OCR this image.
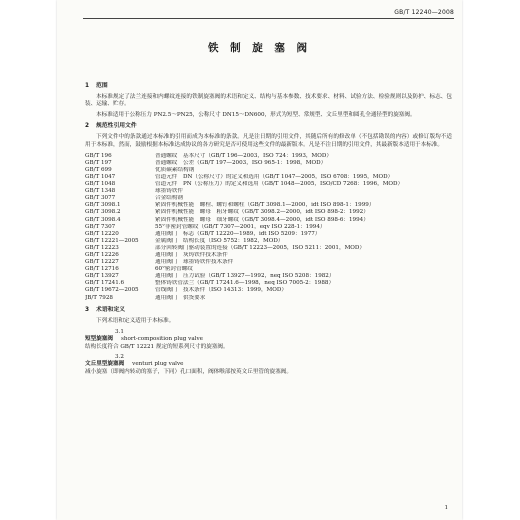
GB/T 12240—2008
铁 制 旋 塞 阀
1 范围

本标准规定了法兰连接和内螺纹连接的铁制旋塞阀的术语和定义、结构与基本参数、技术要求、材料、试验方法、检验规则以及防护、标志、包装、运输、贮存。

本标准适用于公称压力 PN2.5～PN25，公称尺寸 DN15～DN600，形式为短型、常规型、文丘里型和圆孔全通径型的旋塞阀。

2 规范性引用文件

下列文件中的条款通过本标准的引用而成为本标准的条款。凡是注日期的引用文件，其随后所有的修改单（不包括勘误的内容）或修订版均不适用于本标准，然而，鼓励根据本标准达成协议的各方研究是否可使用这些文件的最新版本。凡是不注日期的引用文件，其最新版本适用于本标准。

GB/T 196	普通螺纹　基本尺寸（GB/T 196—2003，ISO 724：1993，MOD）
GB/T 197	普通螺纹　公差（GB/T 197—2003，ISO 965-1：1998，MOD）
GB/T 699	优质碳素结构钢
GB/T 1047	管道元件　DN（公称尺寸）的定义和选用（GB/T 1047—2005，ISO 6708：1995，MOD）
GB/T 1048	管道元件　PN（公称压力）的定义和选用（GB/T 1048—2005，ISO/CD 7268：1996，MOD）
GB/T 1348	球墨铸铁件
GB/T 3077	合金结构钢
GB/T 3098.1	紧固件机械性能　螺栓、螺钉和螺柱（GB/T 3098.1—2000，idt ISO 898-1：1999）
GB/T 3098.2	紧固件机械性能　螺母　粗牙螺纹（GB/T 3098.2—2000，idt ISO 898-2：1992）
GB/T 3098.4	紧固件机械性能　螺母　细牙螺纹（GB/T 3098.4—2000，idt ISO 898-6：1994）
GB/T 7307	55°非密封管螺纹（GB/T 7307—2001，eqv ISO 228-1：1994）
GB/T 12220	通用阀门　标志（GB/T 12220—1989，idt ISO 5209：1977）
GB/T 12221—2005	金属阀门　结构长度（ISO 5752：1982，MOD）
GB/T 12223	部分回转阀门驱动装置的连接（GB/T 12223—2005，ISO 5211：2001，MOD）
GB/T 12226	通用阀门　灰铸铁件技术条件
GB/T 12227	通用阀门　球墨铸铁件技术条件
GB/T 12716	60°密封管螺纹
GB/T 13927	通用阀门　压力试验（GB/T 13927—1992，neq ISO 5208：1982）
GB/T 17241.6	整体铸铁管法兰（GB/T 17241.6—1998，neq ISO 7005-2：1988）
GB/T 19672—2005	管线阀门　技术条件（ISO 14313：1999，MOD）
JB/T 7928	通用阀门　供货要求
3 术语和定义

下列术语和定义适用于本标准。

3.1
短型旋塞阀 short-composition plug valve

结构长度符合 GB/T 12221 规定的短系列尺寸的旋塞阀。

3.2
文丘里型旋塞阀 venturi plug valve

减小旋塞（即阀内转动的塞子，下同）孔口面积，阀体喉部按英文丘里管的旋塞阀。

1
